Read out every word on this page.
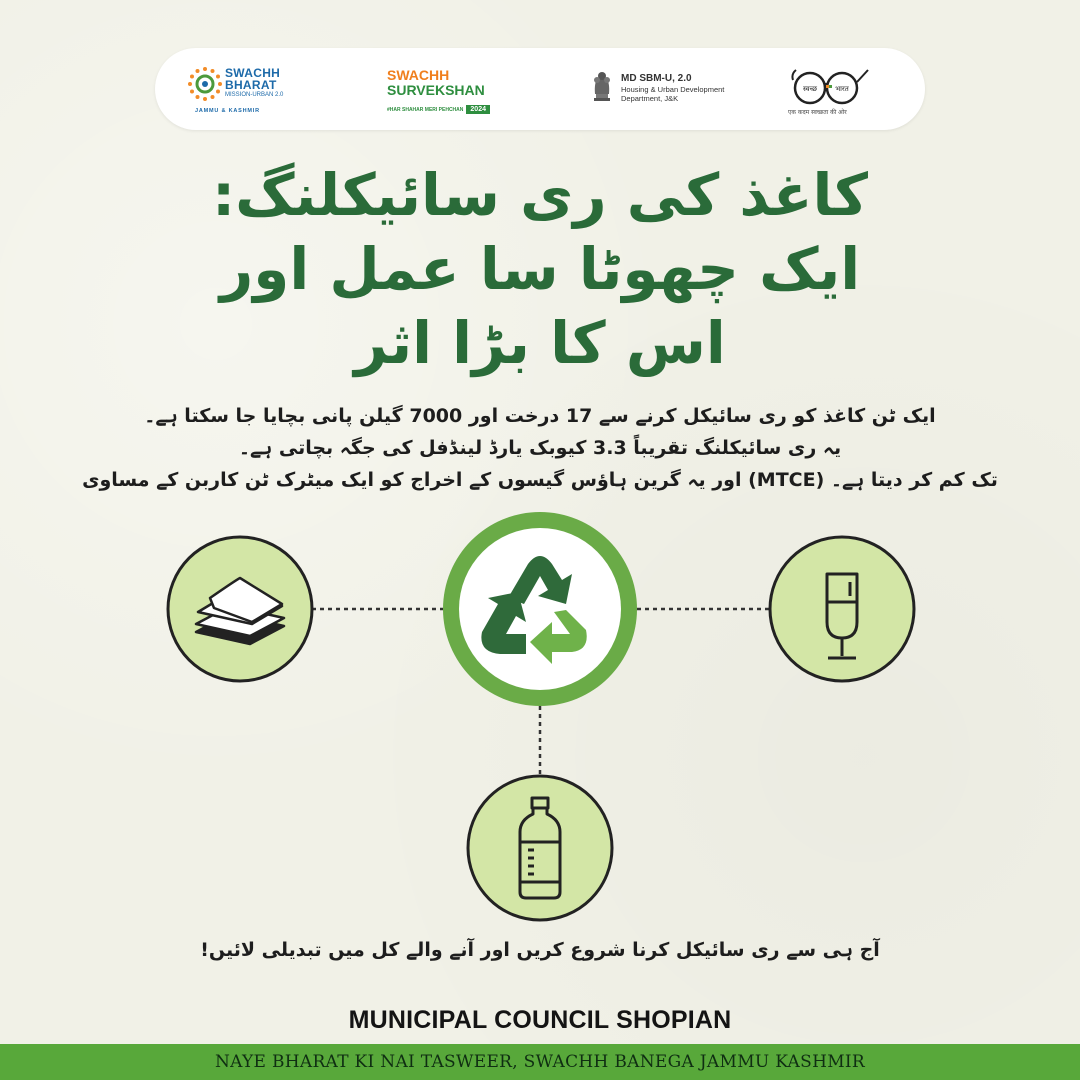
SWACHH
BHARAT
MISSION-URBAN 2.0
JAMMU & KASHMIR
SWACHH
SURVEKSHAN
#HAR SHAHAR MERI PEHCHAN 2024
MD SBM-U, 2.0
Housing & Urban Development
Department, J&K
स्वच्छ	भारत
एक कदम स्वच्छता की ओर
کاغذ کی ری سائیکلنگ:
ایک چھوٹا سا عمل اور
اس کا بڑا اثر
ایک ٹن کاغذ کو ری سائیکل کرنے سے 17 درخت اور 7000 گیلن پانی بچایا جا سکتا ہے۔
یہ ری سائیکلنگ تقریباً 3.3 کیوبک یارڈ لینڈفل کی جگہ بچاتی ہے۔
تک کم کر دیتا ہے۔ (MTCE) اور یہ گرین ہاؤس گیسوں کے اخراج کو ایک میٹرک ٹن کاربن کے مساوی
آج ہی سے ری سائیکل کرنا شروع کریں اور آنے والے کل میں تبدیلی لائیں!
MUNICIPAL COUNCIL SHOPIAN
NAYE BHARAT KI NAI TASWEER, SWACHH BANEGA JAMMU KASHMIR
